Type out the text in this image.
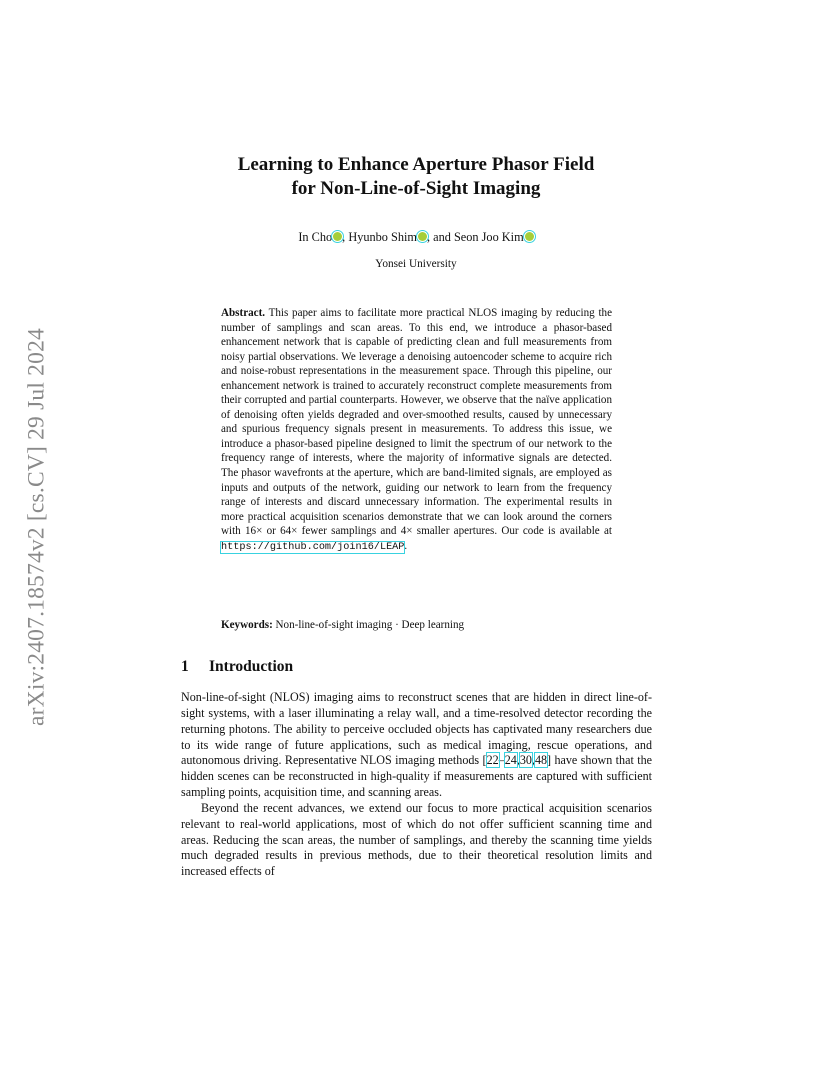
arXiv:2407.18574v2 [cs.CV] 29 Jul 2024
Learning to Enhance Aperture Phasor Field
for Non-Line-of-Sight Imaging
In Cho , Hyunbo Shim , and Seon Joo Kim
Yonsei University
Abstract. This paper aims to facilitate more practical NLOS imaging by reducing the number of samplings and scan areas. To this end, we introduce a phasor-based enhancement network that is capable of predicting clean and full measurements from noisy partial observations. We leverage a denoising autoencoder scheme to acquire rich and noise-robust representations in the measurement space. Through this pipeline, our enhancement network is trained to accurately reconstruct complete measurements from their corrupted and partial counterparts. However, we observe that the naïve application of denoising often yields degraded and over-smoothed results, caused by unnecessary and spurious frequency signals present in measurements. To address this issue, we introduce a phasor-based pipeline designed to limit the spectrum of our network to the frequency range of interests, where the majority of informative signals are detected. The phasor wavefronts at the aperture, which are band-limited signals, are employed as inputs and outputs of the network, guiding our network to learn from the frequency range of interests and discard unnecessary information. The experimental results in more practical acquisition scenarios demonstrate that we can look around the corners with 16× or 64× fewer samplings and 4× smaller apertures. Our code is available at https://github.com/join16/LEAP.
Keywords: Non-line-of-sight imaging · Deep learning
1 Introduction

Non-line-of-sight (NLOS) imaging aims to reconstruct scenes that are hidden in direct line-of-sight systems, with a laser illuminating a relay wall, and a time-resolved detector recording the returning photons. The ability to perceive occluded objects has captivated many researchers due to its wide range of future applications, such as medical imaging, rescue operations, and autonomous driving. Representative NLOS imaging methods [22–24,30,48] have shown that the hidden scenes can be reconstructed in high-quality if measurements are captured with sufficient sampling points, acquisition time, and scanning areas.

Beyond the recent advances, we extend our focus to more practical acquisition scenarios relevant to real-world applications, most of which do not offer sufficient scanning time and areas. Reducing the scan areas, the number of samplings, and thereby the scanning time yields much degraded results in previous methods, due to their theoretical resolution limits and increased effects of
